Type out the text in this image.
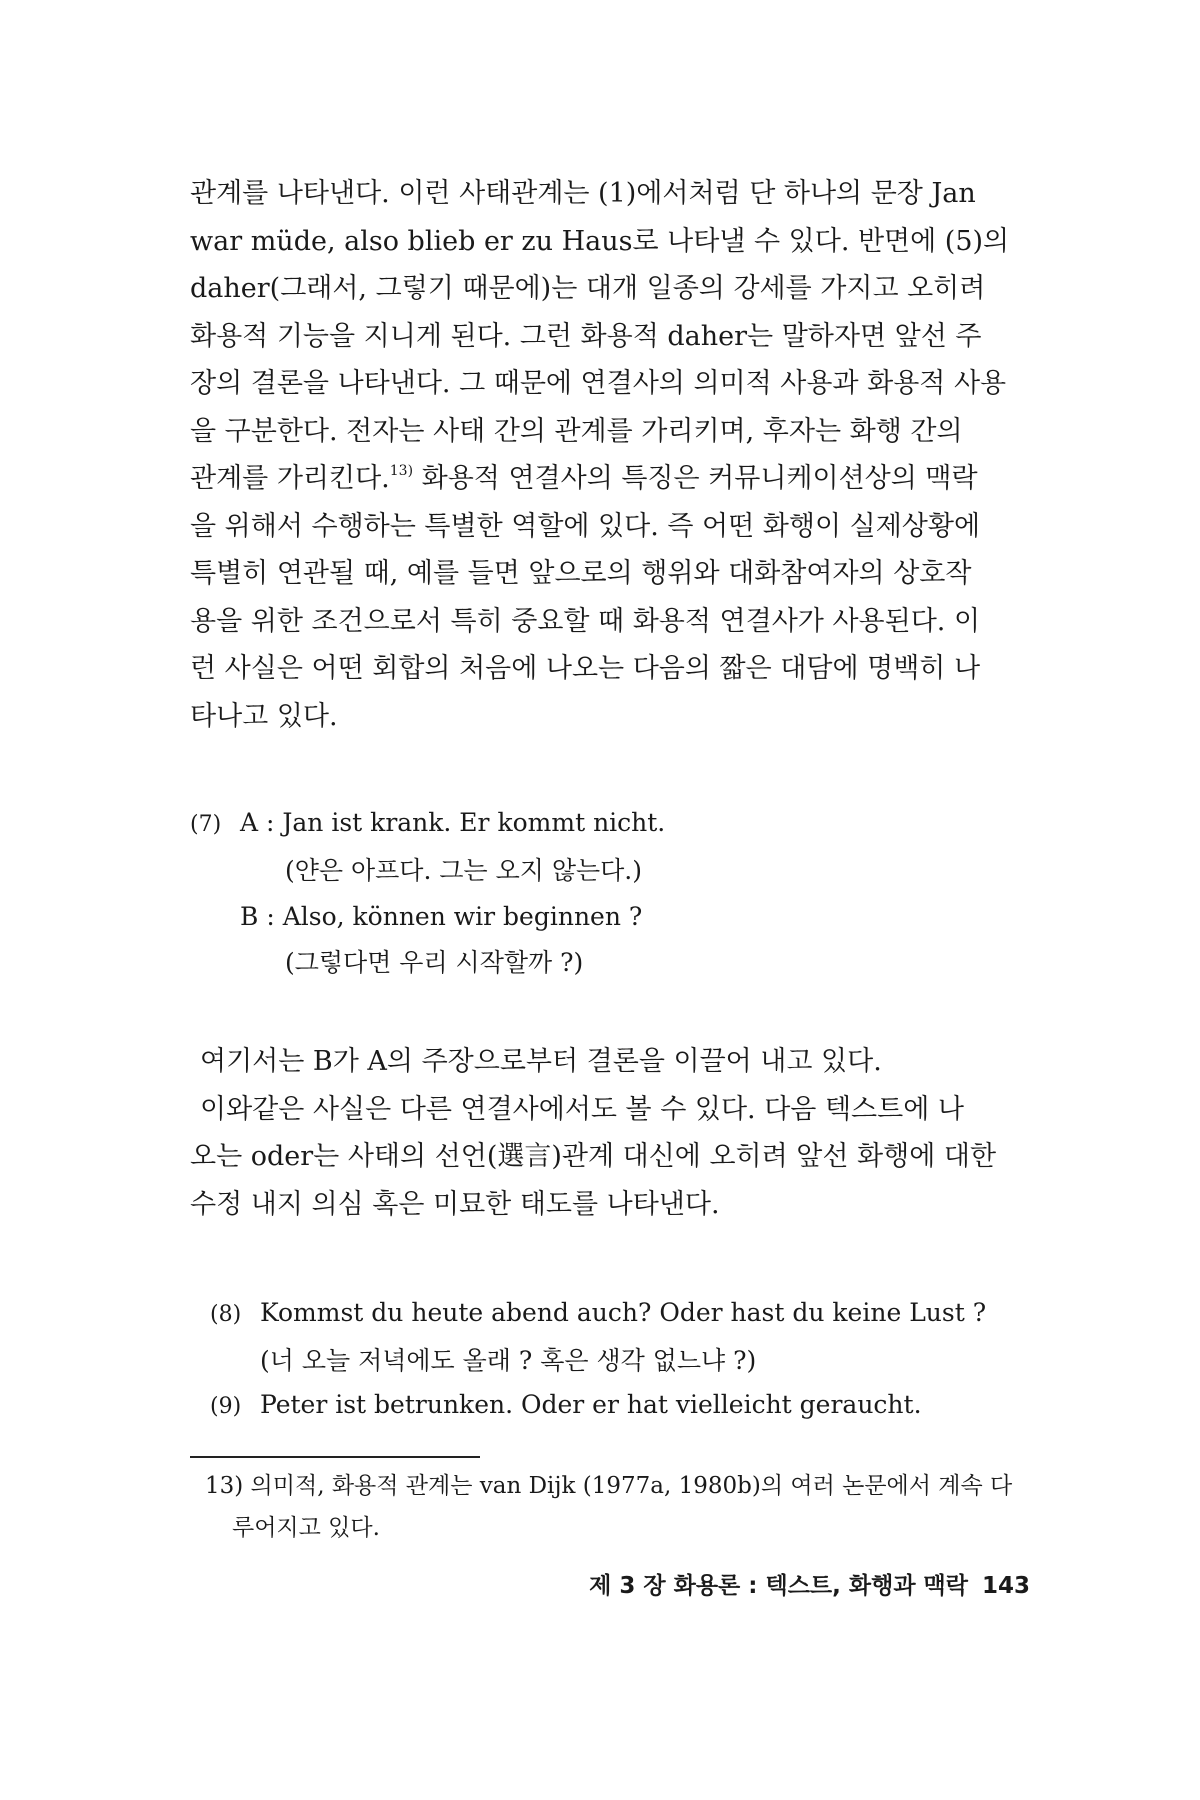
관계를 나타낸다. 이런 사태관계는 (1)에서처럼 단 하나의 문장 Jan

war müde, also blieb er zu Haus로 나타낼 수 있다. 반면에 (5)의

daher(그래서, 그렇기 때문에)는 대개 일종의 강세를 가지고 오히려

화용적 기능을 지니게 된다. 그런 화용적 daher는 말하자면 앞선 주

장의 결론을 나타낸다. 그 때문에 연결사의 의미적 사용과 화용적 사용

을 구분한다. 전자는 사태 간의 관계를 가리키며, 후자는 화행 간의

관계를 가리킨다.$^{13)}$ 화용적 연결사의 특징은 커뮤니케이션상의 맥락

을 위해서 수행하는 특별한 역할에 있다. 즉 어떤 화행이 실제상황에

특별히 연관될 때, 예를 들면 앞으로의 행위와 대화참여자의 상호작

용을 위한 조건으로서 특히 중요할 때 화용적 연결사가 사용된다. 이

런 사실은 어떤 회합의 처음에 나오는 다음의 짧은 대담에 명백히 나

타나고 있다.

(7) A : Jan ist krank. Er kommt nicht.
(얀은 아프다. 그는 오지 않는다.)
B : Also, können wir beginnen ?
(그렇다면 우리 시작할까 ?)

여기서는 B가 A의 주장으로부터 결론을 이끌어 내고 있다.

이와같은 사실은 다른 연결사에서도 볼 수 있다. 다음 텍스트에 나

오는 oder는 사태의 선언(選言)관계 대신에 오히려 앞선 화행에 대한

수정 내지 의심 혹은 미묘한 태도를 나타낸다.

(8) Kommst du heute abend auch? Oder hast du keine Lust ?
(너 오늘 저녁에도 올래 ? 혹은 생각 없느냐 ?)
(9) Peter ist betrunken. Oder er hat vielleicht geraucht.
13) 의미적, 화용적 관계는 van Dijk (1977a, 1980b)의 여러 논문에서 계속 다
루어지고 있다.
제 3 장 화용론 : 텍스트, 화행과 맥락 143
